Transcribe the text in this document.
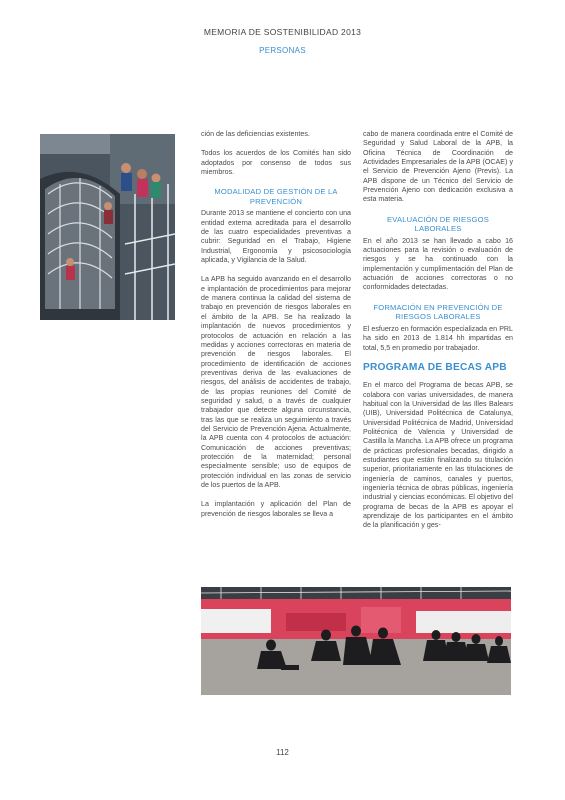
MEMORIA DE SOSTENIBILIDAD 2013
PERSONAS

ción de las deficiencias existentes.

Todos los acuerdos de los Comités han sido adoptados por consenso de todos sus miembros.

MODALIDAD DE GESTIÓN DE LA PREVENCIÓN

Durante 2013 se mantiene el concierto con una entidad externa acreditada para el desarrollo de las cuatro especialidades preventivas a cubrir: Seguridad en el Trabajo, Higiene Industrial, Ergonomía y psicosociología aplicada, y Vigilancia de la Salud.

La APB ha seguido avanzando en el desarrollo e implantación de procedimientos para mejorar de manera continua la calidad del sistema de trabajo en prevención de riesgos laborales en el ámbito de la APB. Se ha realizado la implantación de nuevos procedimientos y protocolos de actuación en relación a las medidas y acciones correctoras en materia de prevención de riesgos laborales. El procedimiento de identificación de acciones preventivas deriva de las evaluaciones de riesgos, del análisis de accidentes de trabajo, de las propias reuniones del Comité de seguridad y salud, o a través de cualquier trabajador que detecte alguna circunstancia, tras las que se realiza un seguimiento a través del Servicio de Prevención Ajena. Actualmente, la APB cuenta con 4 protocolos de actuación: Comunicación de acciones preventivas; protección de la maternidad; personal especialmente sensible; uso de equipos de protección individual en las zonas de servicio de los puertos de la APB.

La implantación y aplicación del Plan de prevención de riesgos laborales se lleva a

cabo de manera coordinada entre el Comité de Seguridad y Salud Laboral de la APB, la Oficina Técnica de Coordinación de Actividades Empresariales de la APB (OCAE) y el Servicio de Prevención Ajeno (Previs). La APB dispone de un Técnico del Servicio de Prevención Ajeno con dedicación exclusiva a esta materia.

EVALUACIÓN DE RIESGOS LABORALES

En el año 2013 se han llevado a cabo 16 actuaciones para la revisión o evaluación de riesgos y se ha continuado con la implementación y cumplimentación del Plan de actuación de acciones correctoras o no conformidades detectadas.

FORMACIÓN EN PREVENCIÓN DE RIESGOS LABORALES

El esfuerzo en formación especializada en PRL ha sido en 2013 de 1.814 hh impartidas en total, 5,5 en promedio por trabajador.

PROGRAMA DE BECAS APB

En el marco del Programa de becas APB, se colabora con varias universidades, de manera habitual con la Universidad de las Illes Balears (UIB), Universidad Politécnica de Catalunya, Universidad Politécnica de Madrid, Universidad Politécnica de Valencia y Universidad de Castilla la Mancha. La APB ofrece un programa de prácticas profesionales becadas, dirigido a estudiantes que están finalizando su titulación superior, prioritariamente en las titulaciones de ingeniería de caminos, canales y puertos, ingeniería técnica de obras públicas, ingeniería industrial y ciencias económicas. El objetivo del programa de becas de la APB es apoyar el aprendizaje de los participantes en el ámbito de la planificación y ges-

112
